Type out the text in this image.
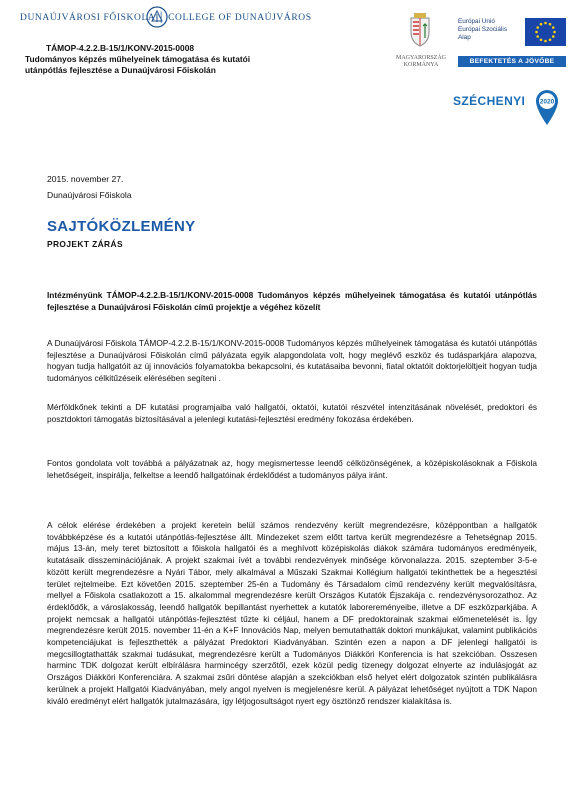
DUNAÚJVÁROSI FŐISKOLA │ COLLEGE OF DUNAÚJVÁROS
TÁMOP-4.2.2.B-15/1/KONV-2015-0008
Tudományos képzés műhelyeinek támogatása és kutatói
utánpótlás fejlesztése a Dunaújvárosi Főiskolán
MAGYARORSZÁG KORMÁNYA
Európai Unió
Európai Szociális
Alap
BEFEKTETÉS A JÖVŐBE
SZÉCHENYI 2020
2015. november 27.
Dunaújvárosi Főiskola
SAJTÓKÖZLEMÉNY
PROJEKT ZÁRÁS
Intézményünk TÁMOP-4.2.2.B-15/1/KONV-2015-0008 Tudományos képzés műhelyeinek támogatása és kutatói utánpótlás fejlesztése a Dunaújvárosi Főiskolán című projektje a végéhez közelít
A Dunaújvárosi Főiskola TÁMOP-4.2.2.B-15/1/KONV-2015-0008 Tudományos képzés műhelyeinek támogatása és kutatói utánpótlás fejlesztése a Dunaújvárosi Főiskolán című pályázata egyik alapgondolata volt, hogy meglévő eszköz és tudásparkjára alapozva, hogyan tudja hallgatóit az új innovációs folyamatokba bekapcsolni, és kutatásaiba bevonni, fiatal oktatóit doktorjelöltjeit hogyan tudja tudományos célkitűzéseik elérésében segíteni .
Mérföldkőnek tekinti a DF kutatási programjaiba való hallgatói, oktatói, kutatói részvétel intenzitásának növelését, predoktori és posztdoktori támogatás biztosításával a jelenlegi kutatási-fejlesztési eredmény fokozása érdekében.
Fontos gondolata volt továbbá a pályázatnak az, hogy megismertesse leendő célközönségének, a középiskolásoknak a Főiskola lehetőségeit, inspirálja, felkeltse a leendő hallgatóinak érdeklődést a tudományos pálya iránt.
A célok elérése érdekében a projekt keretein belül számos rendezvény került megrendezésre, középpontban a hallgatók továbbképzése és a kutatói utánpótlás-fejlesztése állt. Mindezeket szem előtt tartva került megrendezésre a Tehetségnap 2015. május 13-án, mely teret biztosított a főiskola hallgatói és a meghívott középiskolás diákok számára tudományos eredményeik, kutatásaik disszeminációjának. A projekt szakmai ívét a további rendezvények minősége körvonalazza. 2015. szeptember 3-5-e között került megrendezésre a Nyári Tábor, mely alkalmával a Műszaki Szakmai Kollégium hallgatói tekinthettek be a hegesztési terület rejtelmeibe. Ezt követően 2015. szeptember 25-én a Tudomány és Társadalom című rendezvény került megvalósításra, mellyel a Főiskola csatlakozott a 15. alkalommal megrendezésre került Országos Kutatók Éjszakája c. rendezvénysorozathoz. Az érdeklődők, a városlakosság, leendő hallgatók bepillantást nyerhettek a kutatók laborereményeibe, illetve a DF eszközparkjába. A projekt nemcsak a hallgatói utánpótlás-fejlesztést tűzte ki céljául, hanem a DF predoktorainak szakmai előmenetelését is. Így megrendezésre került 2015. november 11-én a K+F Innovációs Nap, melyen bemutathatták doktori munkájukat, valamint publikációs kompetenciájukat is fejleszthették a pályázat Predoktori Kiadványában. Szintén ezen a napon a DF jelenlegi hallgatói is megcsillogtathatták szakmai tudásukat, megrendezésre került a Tudományos Diákköri Konferencia is hat szekcióban. Összesen harminc TDK dolgozat került elbírálásra harmincégy szerzőtől, ezek közül pedig tizenegy dolgozat elnyerte az indulásjogát az Országos Diákköri Konferenciára. A szakmai zsűri döntése alapján a szekciókban első helyet elért dolgozatok szintén publikálásra kerülnek a projekt Hallgatói Kiadványában, mely angol nyelven is megjelenésre kerül. A pályázat lehetőséget nyújtott a TDK Napon kiváló eredményt elért hallgatók jutalmazására, így létjogosultságot nyert egy ösztönző rendszer kialakítása is.
